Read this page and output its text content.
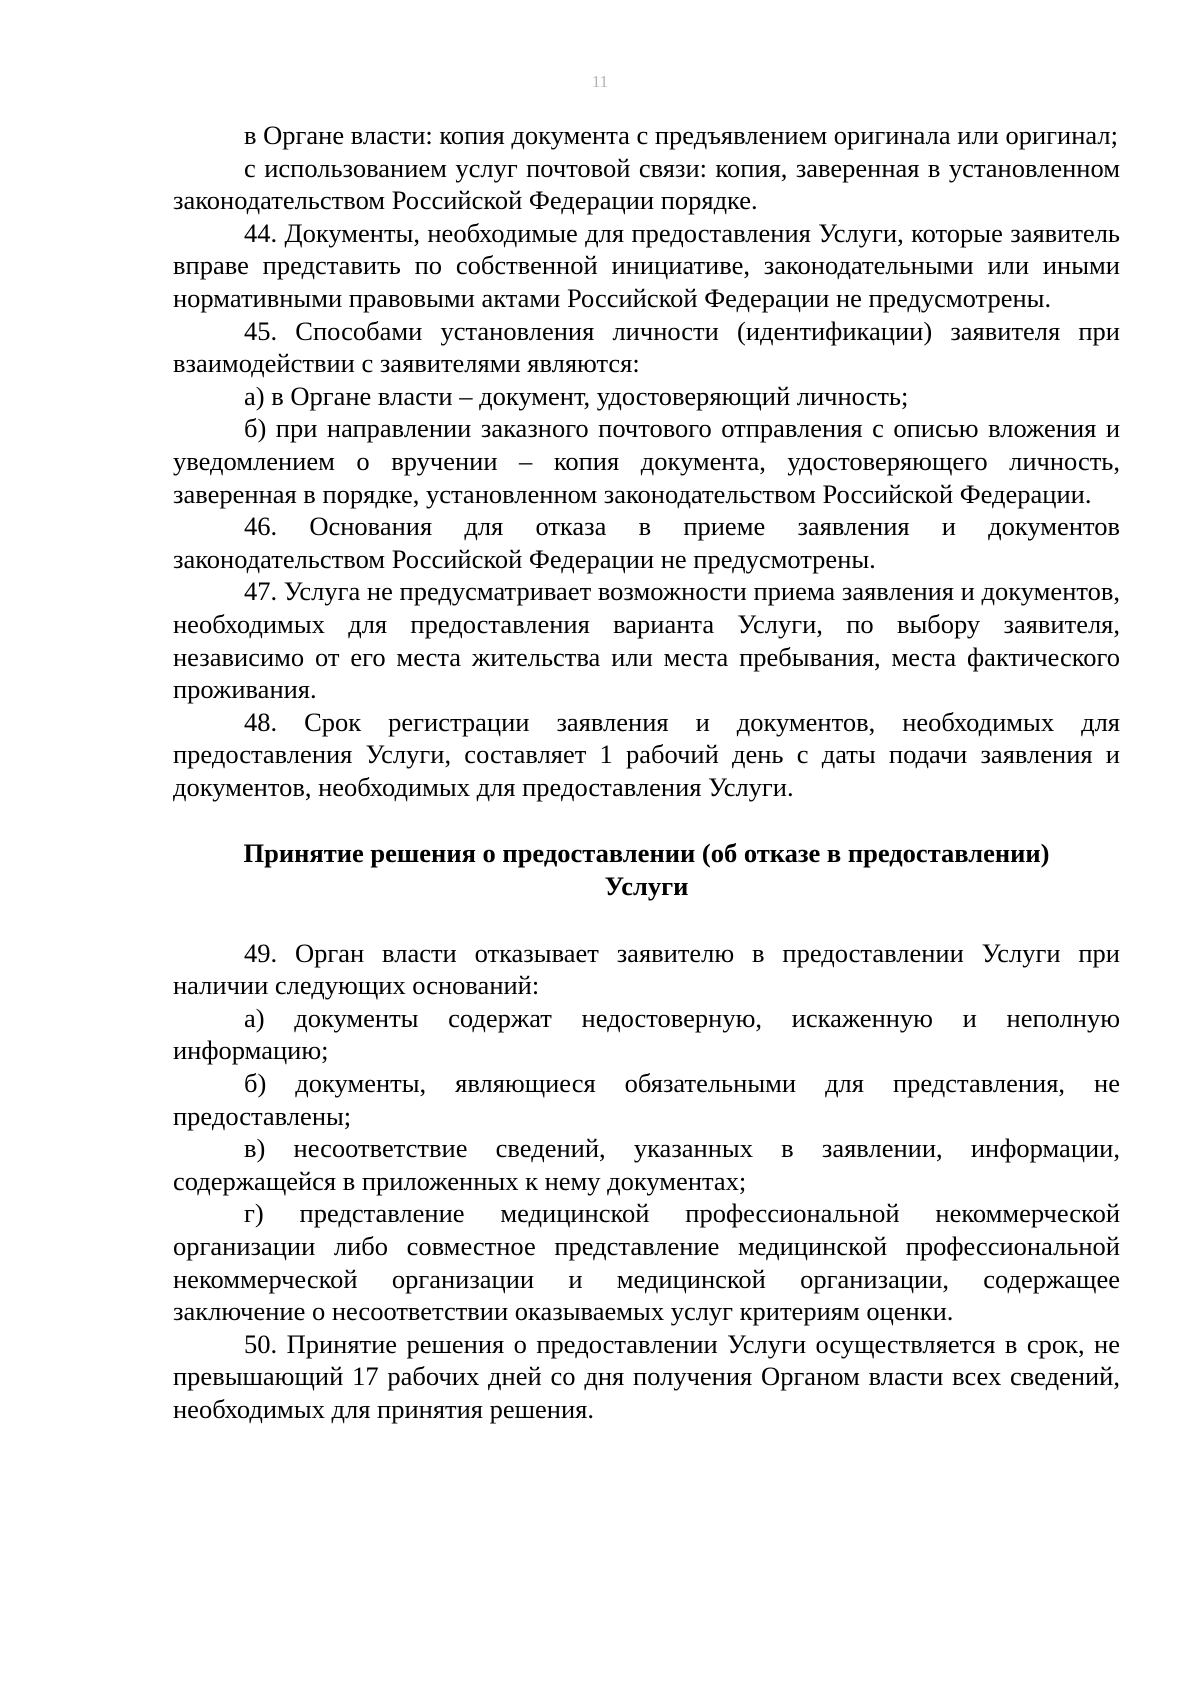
11

в Органе власти: копия документа с предъявлением оригинала или оригинал;

с использованием услуг почтовой связи: копия, заверенная в установленном законодательством Российской Федерации порядке.

44. Документы, необходимые для предоставления Услуги, которые заявитель вправе представить по собственной инициативе, законодательными или иными нормативными правовыми актами Российской Федерации не предусмотрены.

45. Способами установления личности (идентификации) заявителя при взаимодействии с заявителями являются:

а) в Органе власти – документ, удостоверяющий личность;

б) при направлении заказного почтового отправления с описью вложения и уведомлением о вручении – копия документа, удостоверяющего личность, заверенная в порядке, установленном законодательством Российской Федерации.

46. Основания для отказа в приеме заявления и документов законодательством Российской Федерации не предусмотрены.

47. Услуга не предусматривает возможности приема заявления и документов, необходимых для предоставления варианта Услуги, по выбору заявителя, независимо от его места жительства или места пребывания, места фактического проживания.

48. Срок регистрации заявления и документов, необходимых для предоставления Услуги, составляет 1 рабочий день с даты подачи заявления и документов, необходимых для предоставления Услуги.

Принятие решения о предоставлении (об отказе в предоставлении)
Услуги

49. Орган власти отказывает заявителю в предоставлении Услуги при наличии следующих оснований:

а) документы содержат недостоверную, искаженную и неполную информацию;

б) документы, являющиеся обязательными для представления, не предоставлены;

в) несоответствие сведений, указанных в заявлении, информации, содержащейся в приложенных к нему документах;

г) представление медицинской профессиональной некоммерческой организации либо совместное представление медицинской профессиональной некоммерческой организации и медицинской организации, содержащее заключение о несоответствии оказываемых услуг критериям оценки.

50. Принятие решения о предоставлении Услуги осуществляется в срок, не превышающий 17 рабочих дней со дня получения Органом власти всех сведений, необходимых для принятия решения.
